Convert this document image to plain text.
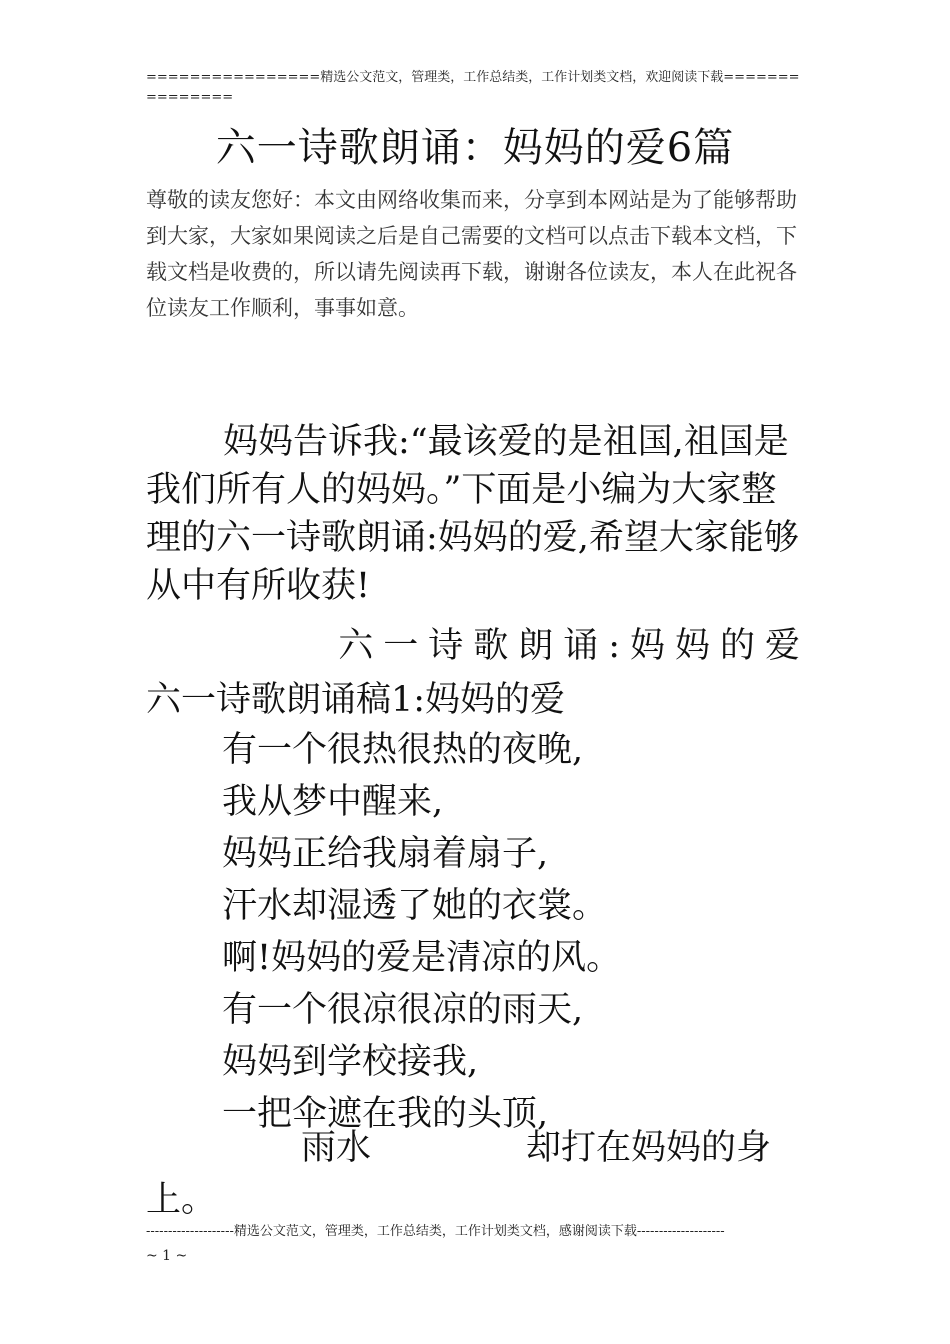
================精选公文范文，管理类，工作总结类，工作计划类文档，欢迎阅读下载===============
六一诗歌朗诵：妈妈的爱6篇
尊敬的读友您好：本文由网络收集而来，分享到本网站是为了能够帮助到大家，大家如果阅读之后是自己需要的文档可以点击下载本文档，下载文档是收费的，所以请先阅读再下载，谢谢各位读友，本人在此祝各位读友工作顺利，事事如意。
妈妈告诉我:“最该爱的是祖国,祖国是我们所有人的妈妈。”下面是小编为大家整理的六一诗歌朗诵:妈妈的爱,希望大家能够从中有所收获!
六一诗歌朗诵:妈妈的爱
六一诗歌朗诵稿1:妈妈的爱
有一个很热很热的夜晚,
我从梦中醒来,
妈妈正给我扇着扇子,
汗水却湿透了她的衣裳。
啊!妈妈的爱是清凉的风。
有一个很凉很凉的雨天,
妈妈到学校接我,
一把伞遮在我的头顶,
雨水	却打在妈妈的身
上。
--------------------精选公文范文，管理类，工作总结类，工作计划类文档，感谢阅读下载--------------------
~ 1 ~
